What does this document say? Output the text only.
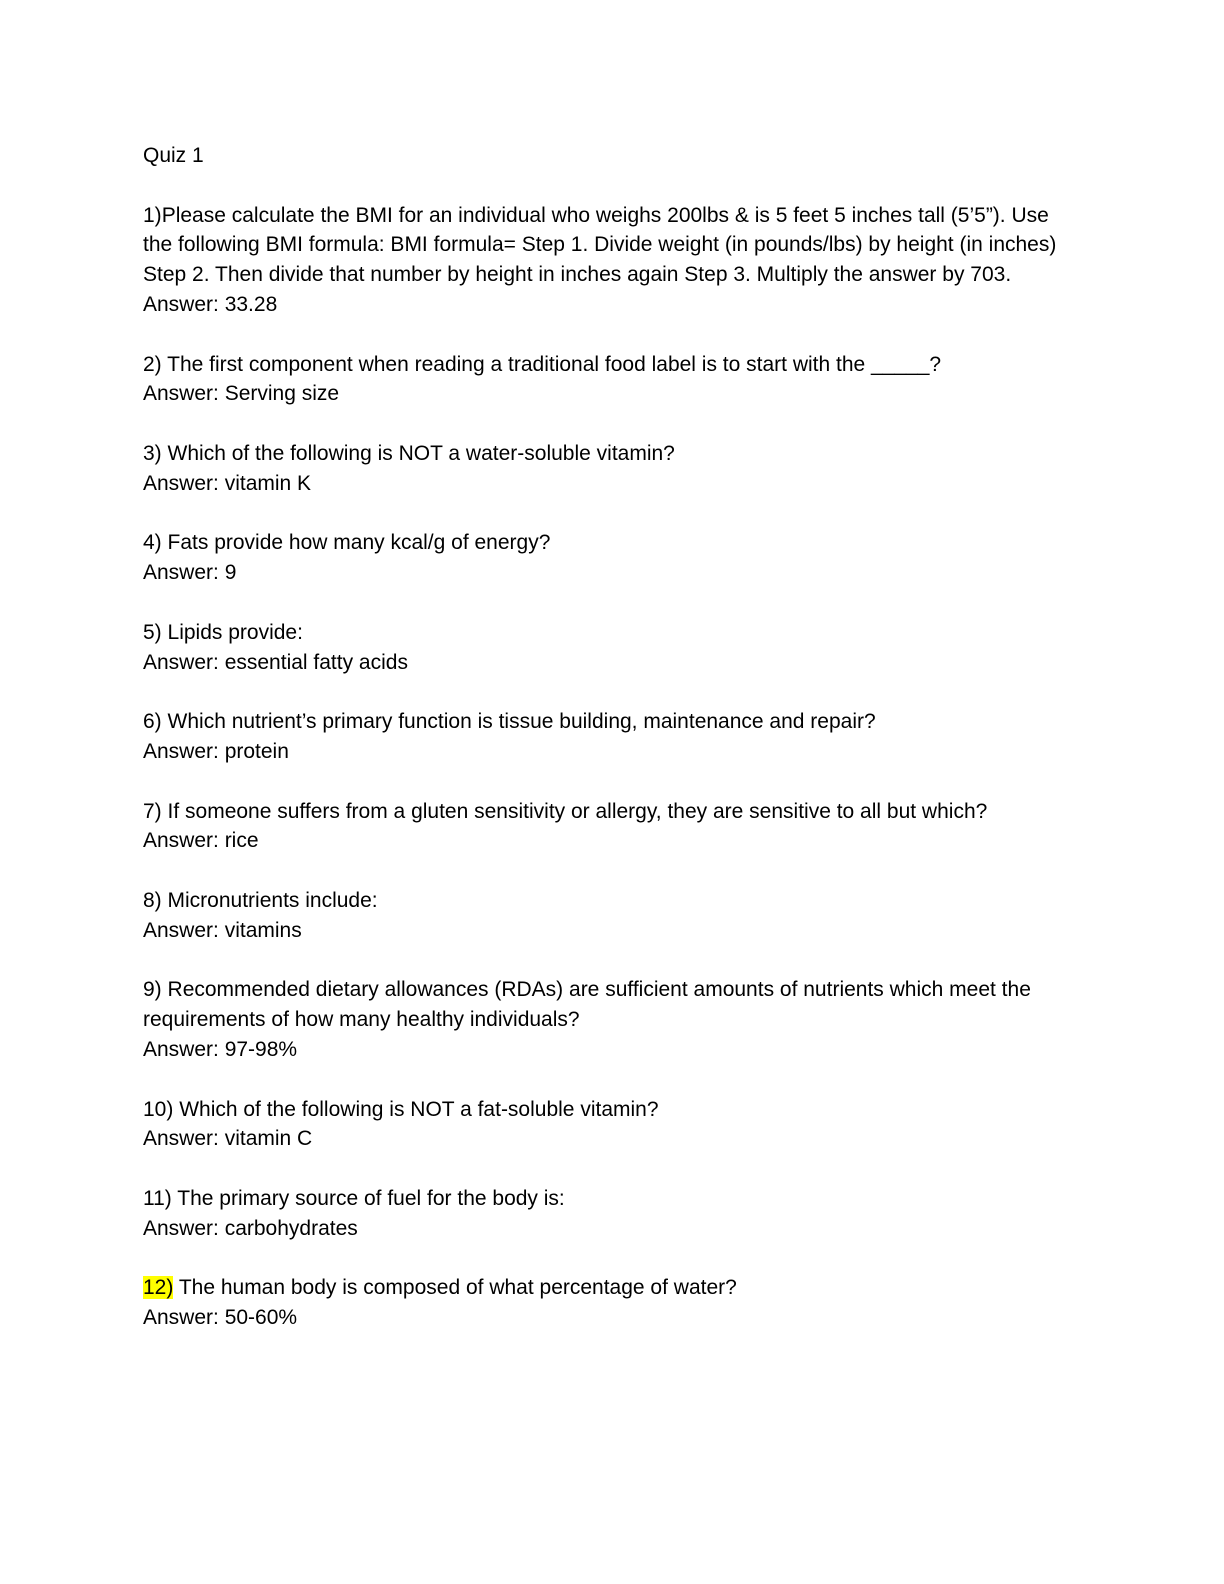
Quiz 1
1)Please calculate the BMI for an individual who weighs 200lbs & is 5 feet 5 inches tall (5’5”). Use the following BMI formula: BMI formula= Step 1. Divide weight (in pounds/lbs) by height (in inches) Step 2. Then divide that number by height in inches again Step 3. Multiply the answer by 703.
Answer: 33.28
2) The first component when reading a traditional food label is to start with the _____?
Answer: Serving size
3) Which of the following is NOT a water-soluble vitamin?
Answer: vitamin K
4) Fats provide how many kcal/g of energy?
Answer: 9
5) Lipids provide:
Answer: essential fatty acids
6) Which nutrient’s primary function is tissue building, maintenance and repair?
Answer: protein
7) If someone suffers from a gluten sensitivity or allergy, they are sensitive to all but which?
Answer: rice
8) Micronutrients include:
Answer: vitamins
9) Recommended dietary allowances (RDAs) are sufficient amounts of nutrients which meet the requirements of how many healthy individuals?
Answer: 97-98%
10) Which of the following is NOT a fat-soluble vitamin?
Answer: vitamin C
11) The primary source of fuel for the body is:
Answer: carbohydrates
12) The human body is composed of what percentage of water?
Answer: 50-60%
